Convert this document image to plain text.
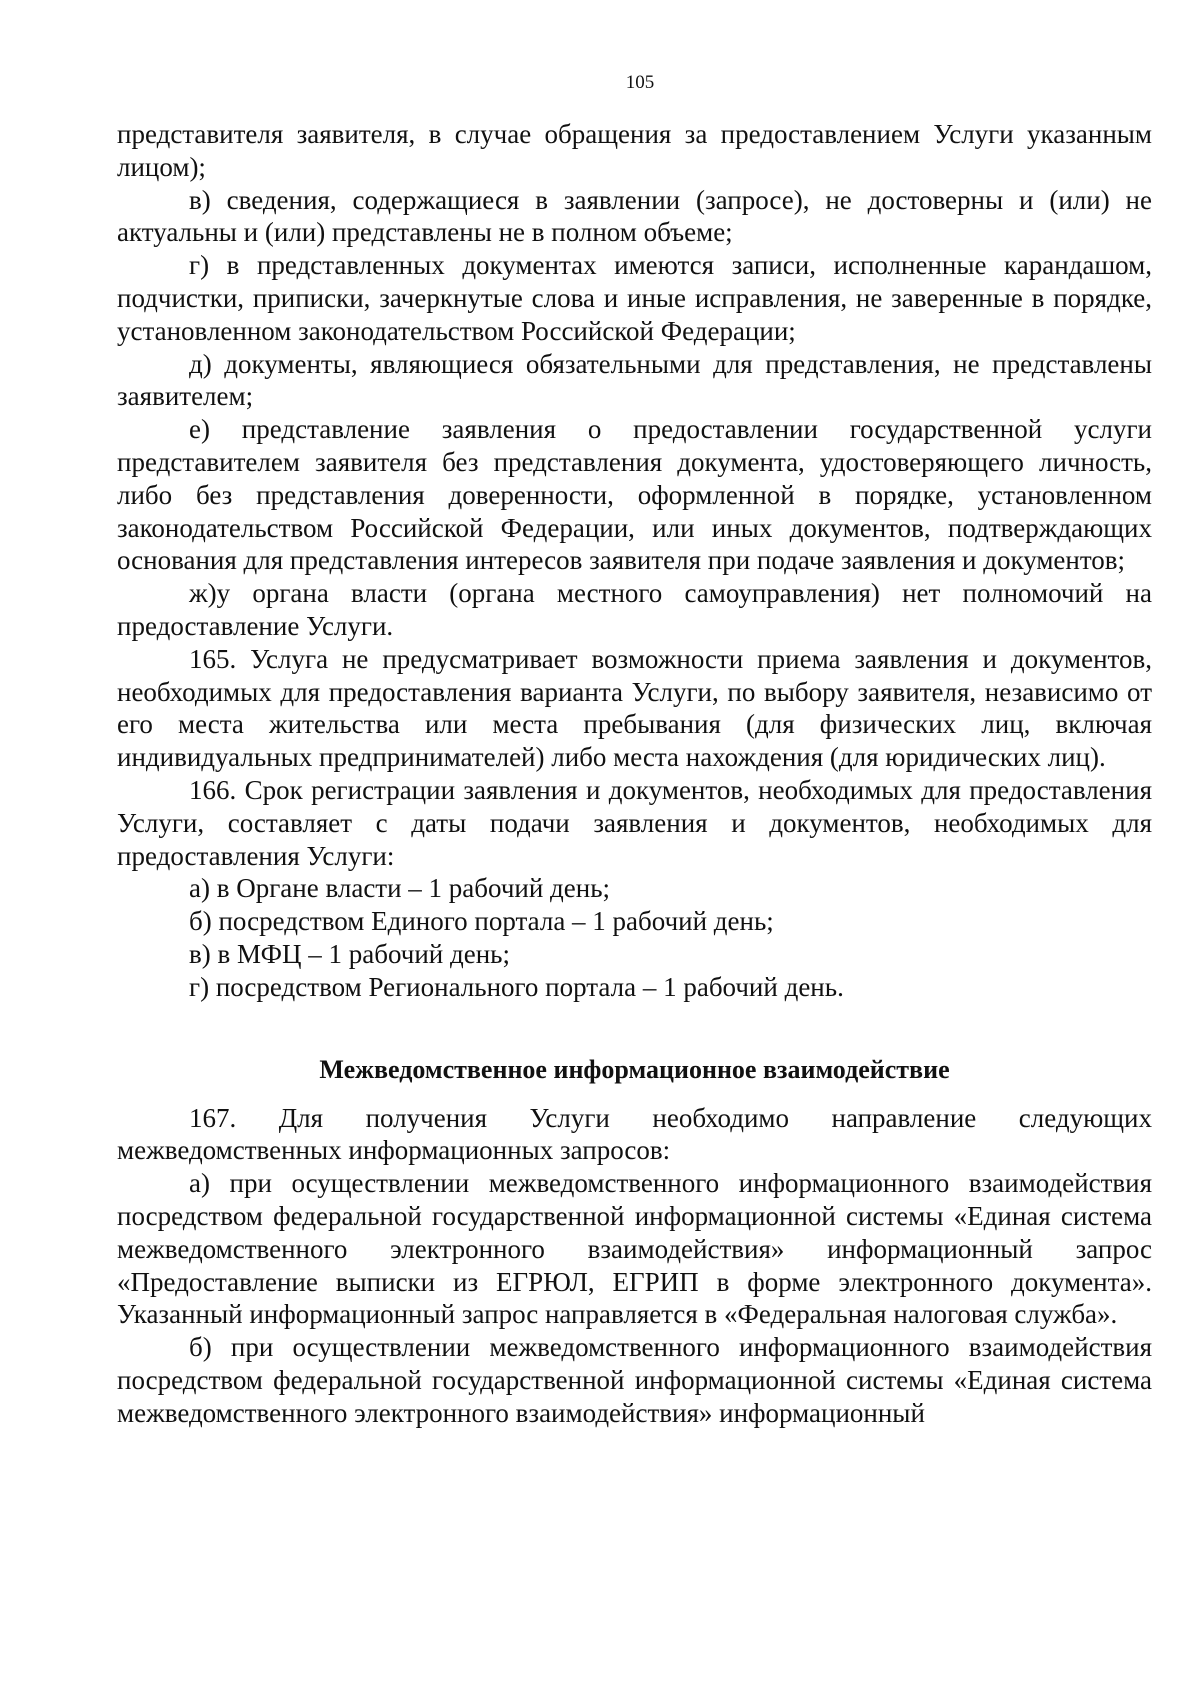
105

представителя заявителя, в случае обращения за предоставлением Услуги указанным лицом);

в) сведения, содержащиеся в заявлении (запросе), не достоверны и (или) не актуальны и (или) представлены не в полном объеме;

г) в представленных документах имеются записи, исполненные карандашом, подчистки, приписки, зачеркнутые слова и иные исправления, не заверенные в порядке, установленном законодательством Российской Федерации;

д) документы, являющиеся обязательными для представления, не представлены заявителем;

е) представление заявления о предоставлении государственной услуги представителем заявителя без представления документа, удостоверяющего личность, либо без представления доверенности, оформленной в порядке, установленном законодательством Российской Федерации, или иных документов, подтверждающих основания для представления интересов заявителя при подаче заявления и документов;

ж)у органа власти (органа местного самоуправления) нет полномочий на предоставление Услуги.

165. Услуга не предусматривает возможности приема заявления и документов, необходимых для предоставления варианта Услуги, по выбору заявителя, независимо от его места жительства или места пребывания (для физических лиц, включая индивидуальных предпринимателей) либо места нахождения (для юридических лиц).

166. Срок регистрации заявления и документов, необходимых для предоставления Услуги, составляет с даты подачи заявления и документов, необходимых для предоставления Услуги:

а) в Органе власти – 1 рабочий день;

б) посредством Единого портала – 1 рабочий день;

в) в МФЦ – 1 рабочий день;

г) посредством Регионального портала – 1 рабочий день.

Межведомственное информационное взаимодействие

167. Для получения Услуги необходимо направление следующих межведомственных информационных запросов:

а) при осуществлении межведомственного информационного взаимодействия посредством федеральной государственной информационной системы «Единая система межведомственного электронного взаимодействия» информационный запрос «Предоставление выписки из ЕГРЮЛ, ЕГРИП в форме электронного документа». Указанный информационный запрос направляется в «Федеральная налоговая служба».

б) при осуществлении межведомственного информационного взаимодействия посредством федеральной государственной информационной системы «Единая система межведомственного электронного взаимодействия» информационный
